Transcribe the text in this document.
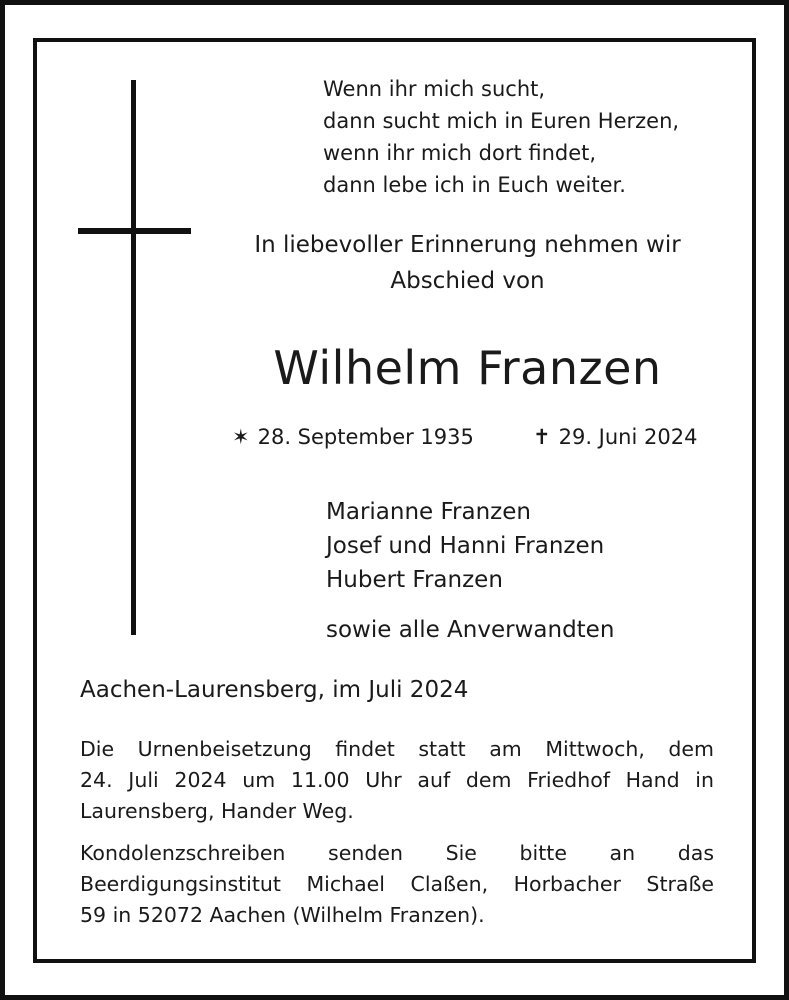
Wenn ihr mich sucht,
dann sucht mich in Euren Herzen,
wenn ihr mich dort findet,
dann lebe ich in Euch weiter.
In liebevoller Erinnerung nehmen wir
Abschied von
Wilhelm Franzen
✶ 28. September 1935	✝ 29. Juni 2024
Marianne Franzen
Josef und Hanni Franzen
Hubert Franzen
sowie alle Anverwandten
Aachen-Laurensberg, im Juli 2024
Die Urnenbeisetzung findet statt am Mittwoch, dem
24. Juli 2024 um 11.00 Uhr auf dem Friedhof Hand in
Laurensberg, Hander Weg.
Kondolenzschreiben senden Sie bitte an das
Beerdigungsinstitut Michael Claßen, Horbacher Straße
59 in 52072 Aachen (Wilhelm Franzen).
